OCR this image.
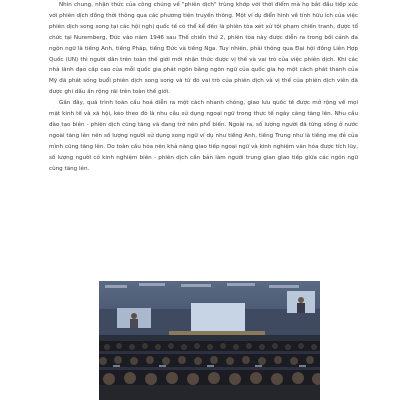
Nhìn chung, nhận thức của công chúng về "phiên dịch" trùng khớp với thời điểm mà họ bắt đầu tiếp xúc với phiên dịch đồng thời thông qua các phương tiện truyền thông. Một ví dụ điển hình về tính hữu ích của việc phiên dịch song song tại các hội nghị quốc tế có thể kể đến là phiên tòa xét xử tội phạm chiến tranh, được tổ chức tại Nuremberg, Đức vào năm 1946 sau Thế chiến thứ 2, phiên tòa này được diễn ra trong bối cảnh đa ngôn ngữ là tiếng Anh, tiếng Pháp, tiếng Đức và tiếng Nga. Tuy nhiên, phải thông qua Đại hội đồng Liên Hợp Quốc (UN) thì người dân trên toàn thế giới mới nhận thức được vị thế và vai trò của việc phiên dịch. Khi các nhà lãnh đạo cấp cao của mỗi quốc gia phát ngôn bằng ngôn ngữ của quốc gia họ một cách phát thanh của Mỹ đã phát sóng buổi phiên dịch song song và từ đó vai trò của phiên dịch và vị thế của phiên dịch viên đã được ghi dấu ấn rộng rãi trên toàn thế giới.

Gần đây, quá trình toàn cầu hoá diễn ra một cách nhanh chóng, giao lưu quốc tế được mở rộng về mọi mặt kinh tế và xã hội, kéo theo đó là nhu cầu sử dụng ngoại ngữ trong thực tế ngày càng tăng lên. Nhu cầu đào tạo biên - phiên dịch cũng tăng và đang trở nên phổ biến. Ngoài ra, số lượng người đã từng sống ở nước ngoài tăng lên nên số lượng người sử dụng song ngữ ví dụ như tiếng Anh, tiếng Trung như là tiếng mẹ đẻ của mình cũng tăng lên. Do toàn cầu hóa nên khả năng giao tiếp ngoại ngữ và kinh nghiệm văn hóa được tích lũy, số lượng người có kinh nghiệm biên - phiên dịch cần bản làm người trung gian giao tiếp giữa các ngôn ngữ cũng tăng lên.
